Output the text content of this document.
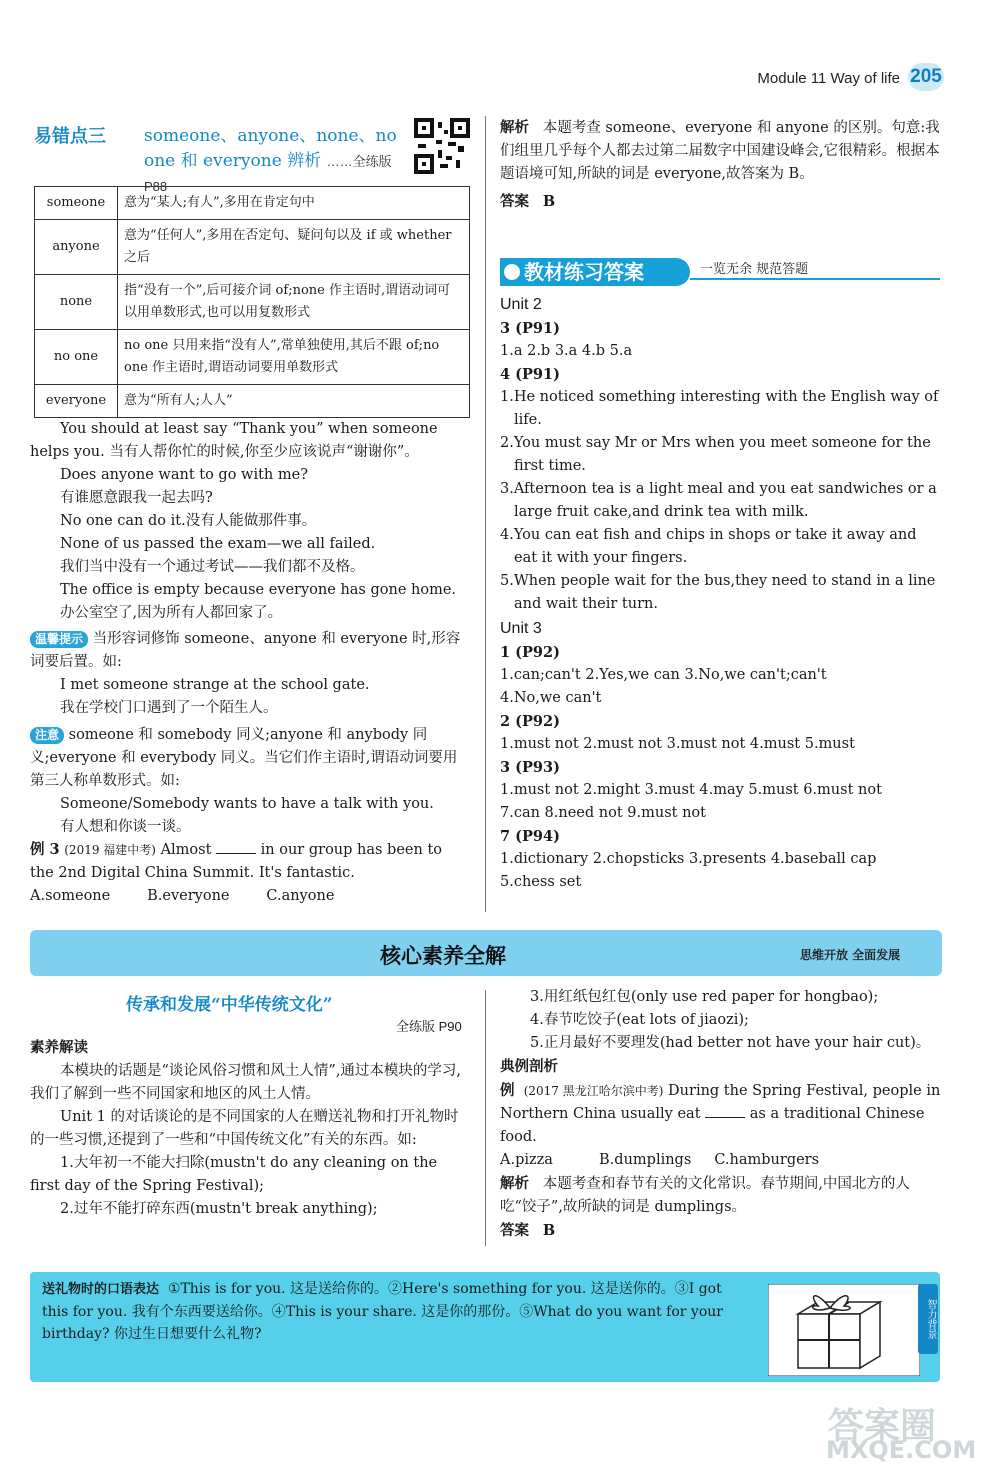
Module 11 Way of life 205
易错点三 someone、anyone、none、no one 和 everyone 辨析 ……全练版 P88
someone	意为“某人;有人”,多用在肯定句中
anyone	意为“任何人”,多用在否定句、疑问句以及 if 或 whether 之后
none	指“没有一个”,后可接介词 of;none 作主语时,谓语动词可以用单数形式,也可以用复数形式
no one	no one 只用来指“没有人”,常单独使用,其后不跟 of;no one 作主语时,谓语动词要用单数形式
everyone	意为“所有人;人人”
You should at least say “Thank you” when someone helps you. 当有人帮你忙的时候,你至少应该说声“谢谢你”。
Does anyone want to go with me?
有谁愿意跟我一起去吗?
No one can do it.没有人能做那件事。
None of us passed the exam—we all failed.
我们当中没有一个通过考试——我们都不及格。
The office is empty because everyone has gone home.
办公室空了,因为所有人都回家了。
温馨提示 当形容词修饰 someone、anyone 和 everyone 时,形容词要后置。如:
I met someone strange at the school gate.
我在学校门口遇到了一个陌生人。
注意 someone 和 somebody 同义;anyone 和 anybody 同义;everyone 和 everybody 同义。当它们作主语时,谓语动词要用第三人称单数形式。如:
Someone/Somebody wants to have a talk with you.
有人想和你谈一谈。
例 3 (2019 福建中考) Almost	in our group has been to the 2nd Digital China Summit. It's fantastic.
A.someone	B.everyone	C.anyone
解析 本题考查 someone、everyone 和 anyone 的区别。句意:我们组里几乎每个人都去过第二届数字中国建设峰会,它很精彩。根据本题语境可知,所缺的词是 everyone,故答案为 B。
答案 B
教材练习答案	一览无余 规范答题
Unit 2
3 (P91)
1.a 2.b 3.a 4.b 5.a
4 (P91)
1.He noticed something interesting with the English way of life.
2.You must say Mr or Mrs when you meet someone for the first time.
3.Afternoon tea is a light meal and you eat sandwiches or a large fruit cake,and drink tea with milk.
4.You can eat fish and chips in shops or take it away and eat it with your fingers.
5.When people wait for the bus,they need to stand in a line and wait their turn.
Unit 3
1 (P92)
1.can;can't 2.Yes,we can 3.No,we can't;can't
4.No,we can't
2 (P92)
1.must not 2.must not 3.must not 4.must 5.must
3 (P93)
1.must not 2.might 3.must 4.may 5.must 6.must not
7.can 8.need not 9.must not
7 (P94)
1.dictionary 2.chopsticks 3.presents 4.baseball cap
5.chess set
核心素养全解	思维开放 全面发展
传承和发展“中华传统文化”
全练版 P90
素养解读
本模块的话题是“谈论风俗习惯和风土人情”,通过本模块的学习,我们了解到一些不同国家和地区的风土人情。
Unit 1 的对话谈论的是不同国家的人在赠送礼物和打开礼物时的一些习惯,还提到了一些和“中国传统文化”有关的东西。如:
1.大年初一不能大扫除(mustn't do any cleaning on the first day of the Spring Festival);
2.过年不能打碎东西(mustn't break anything);
3.用红纸包红包(only use red paper for hongbao);
4.春节吃饺子(eat lots of jiaozi);
5.正月最好不要理发(had better not have your hair cut)。
典例剖析
例 (2017 黑龙江哈尔滨中考) During the Spring Festival, people in Northern China usually eat	as a traditional Chinese food.
A.pizza	B.dumplings C.hamburgers
解析 本题考查和春节有关的文化常识。春节期间,中国北方的人吃“饺子”,故所缺的词是 dumplings。
答案 B
送礼物时的口语表达 ①This is for you. 这是送给你的。②Here's something for you. 这是送你的。③I got this for you. 我有个东西要送给你。④This is your share. 这是你的那份。⑤What do you want for your birthday? 你过生日想要什么礼物?	智力背景
答案圈
MXQE.COM
